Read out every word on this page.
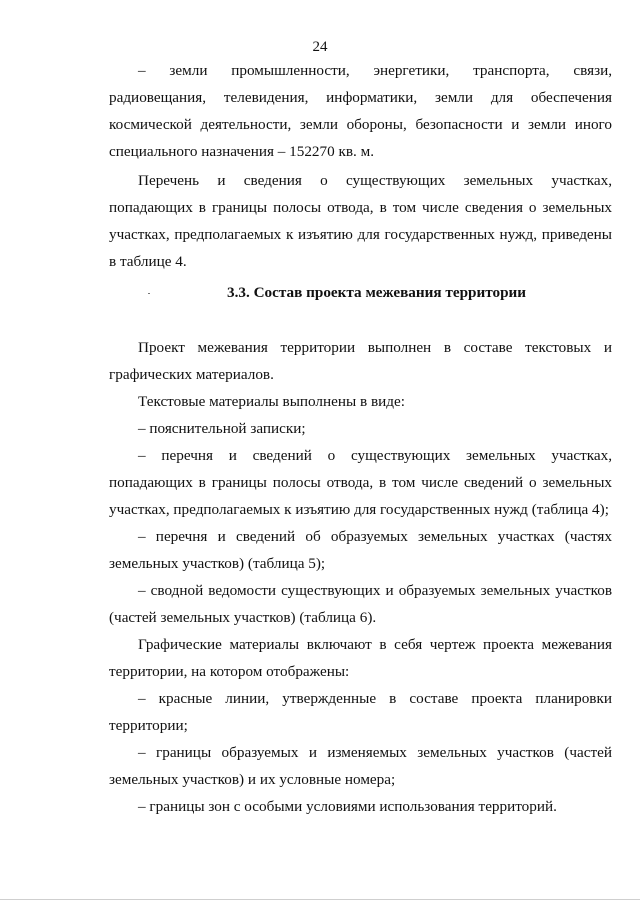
24

– земли промышленности, энергетики, транспорта, связи, радиовещания, телевидения, информатики, земли для обеспечения космической деятельности, земли обороны, безопасности и земли иного специального назначения – 152270 кв. м.

Перечень и сведения о существующих земельных участках, попадающих в границы полосы отвода, в том числе сведения о земельных участках, предполагаемых к изъятию для государственных нужд, приведены в таблице 4.

3.3. Состав проекта межевания территории

Проект межевания территории выполнен в составе текстовых и графических материалов.

Текстовые материалы выполнены в виде:

– пояснительной записки;

– перечня и сведений о существующих земельных участках, попадающих в границы полосы отвода, в том числе сведений о земельных участках, предполагаемых к изъятию для государственных нужд (таблица 4);

– перечня и сведений об образуемых земельных участках (частях земельных участков) (таблица 5);

– сводной ведомости существующих и образуемых земельных участков (частей земельных участков) (таблица 6).

Графические материалы включают в себя чертеж проекта межевания территории, на котором отображены:

– красные линии, утвержденные в составе проекта планировки территории;

– границы образуемых и изменяемых земельных участков (частей земельных участков) и их условные номера;

– границы зон с особыми условиями использования территорий.
